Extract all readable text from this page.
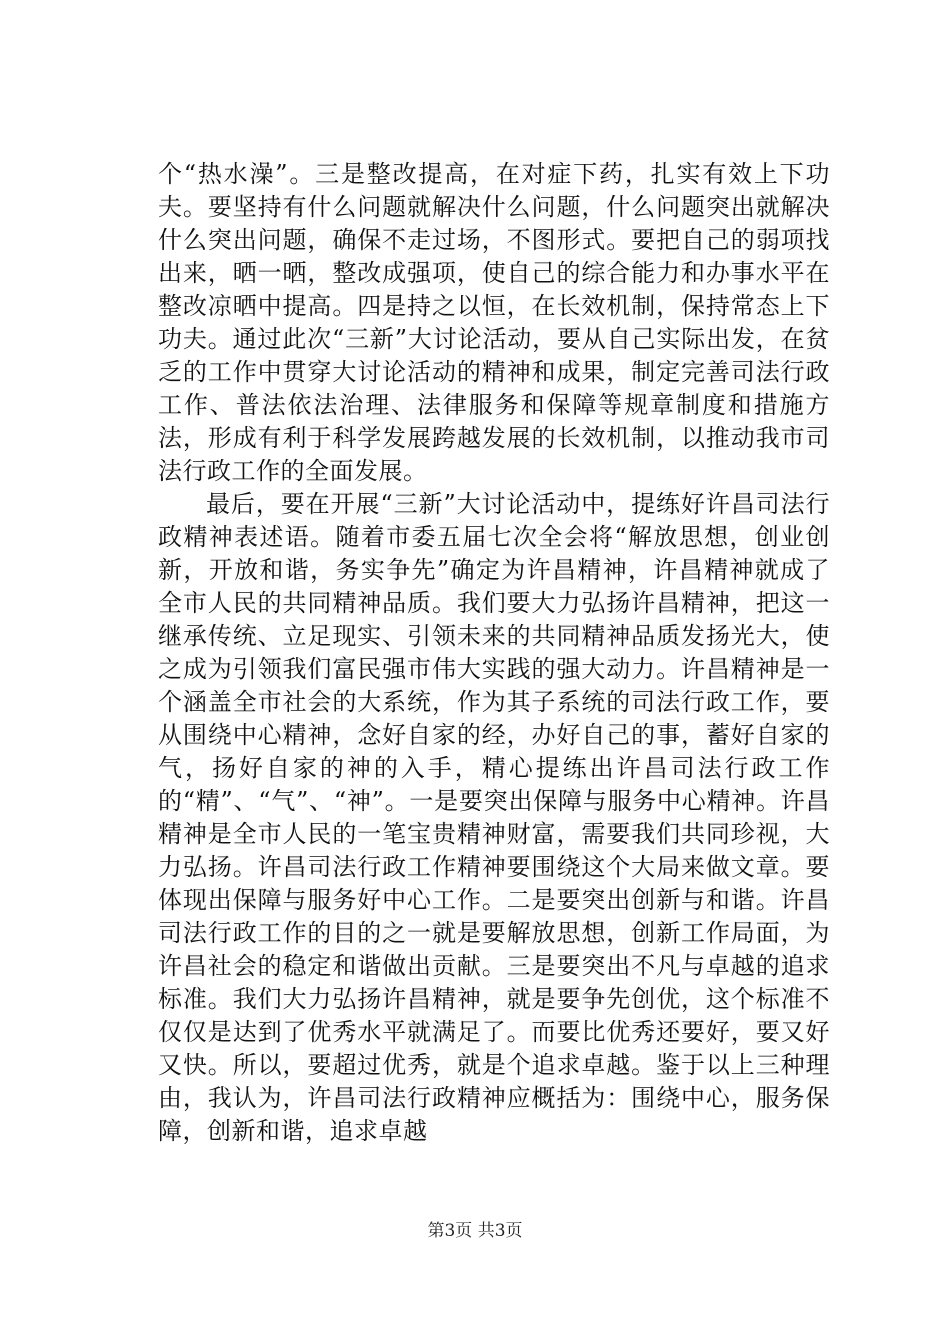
个“热水澡”。三是整改提高，在对症下药，扎实有效上下功夫。要坚持有什么问题就解决什么问题，什么问题突出就解决什么突出问题，确保不走过场，不图形式。要把自己的弱项找出来，晒一晒，整改成强项，使自己的综合能力和办事水平在整改凉晒中提高。四是持之以恒，在长效机制，保持常态上下功夫。通过此次“三新”大讨论活动，要从自己实际出发，在贫乏的工作中贯穿大讨论活动的精神和成果，制定完善司法行政工作、普法依法治理、法律服务和保障等规章制度和措施方法，形成有利于科学发展跨越发展的长效机制，以推动我市司法行政工作的全面发展。

最后，要在开展“三新”大讨论活动中，提练好许昌司法行政精神表述语。随着市委五届七次全会将“解放思想，创业创新，开放和谐，务实争先”确定为许昌精神，许昌精神就成了全市人民的共同精神品质。我们要大力弘扬许昌精神，把这一继承传统、立足现实、引领未来的共同精神品质发扬光大，使之成为引领我们富民强市伟大实践的强大动力。许昌精神是一个涵盖全市社会的大系统，作为其子系统的司法行政工作，要从围绕中心精神，念好自家的经，办好自己的事，蓄好自家的气，扬好自家的神的入手，精心提练出许昌司法行政工作的“精”、“气”、“神”。一是要突出保障与服务中心精神。许昌精神是全市人民的一笔宝贵精神财富，需要我们共同珍视，大力弘扬。许昌司法行政工作精神要围绕这个大局来做文章。要体现出保障与服务好中心工作。二是要突出创新与和谐。许昌司法行政工作的目的之一就是要解放思想，创新工作局面，为许昌社会的稳定和谐做出贡献。三是要突出不凡与卓越的追求标准。我们大力弘扬许昌精神，就是要争先创优，这个标准不仅仅是达到了优秀水平就满足了。而要比优秀还要好，要又好又快。所以，要超过优秀，就是个追求卓越。鉴于以上三种理由，我认为，许昌司法行政精神应概括为：围绕中心，服务保障，创新和谐，追求卓越

第3页 共3页
